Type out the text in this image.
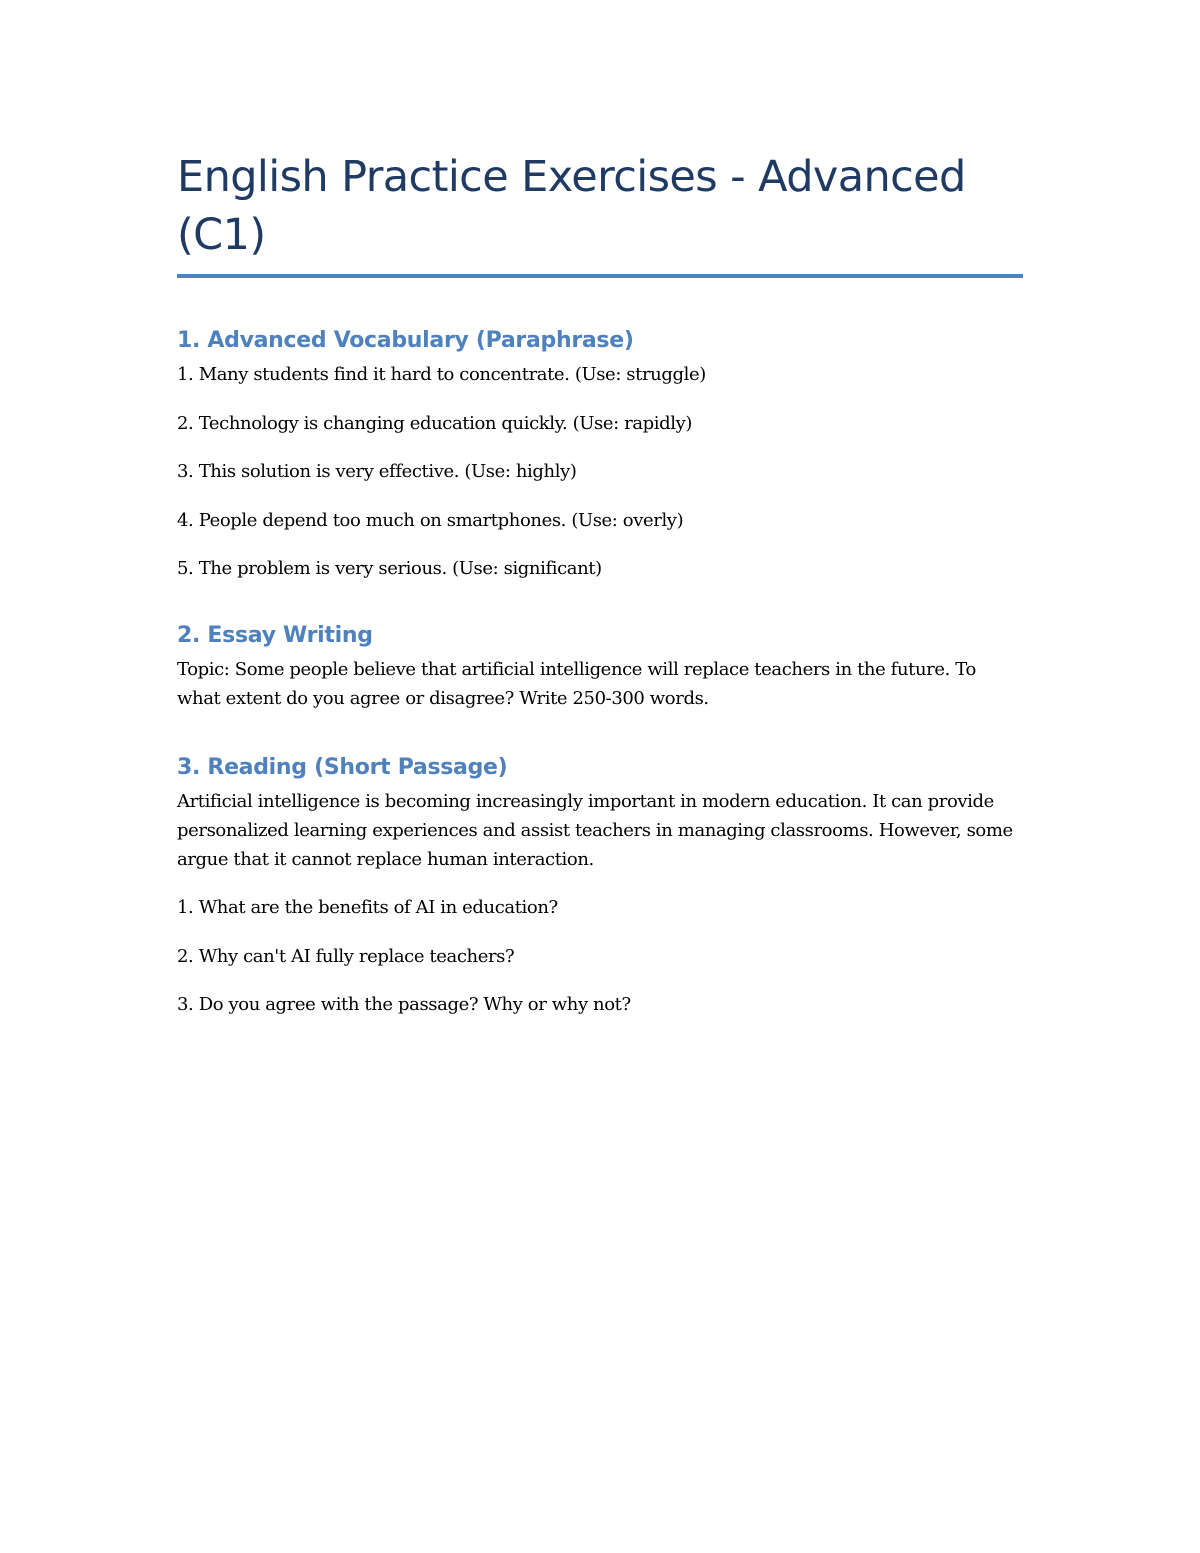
English Practice Exercises - Advanced (C1)
1. Advanced Vocabulary (Paraphrase)
1. Many students find it hard to concentrate. (Use: struggle)
2. Technology is changing education quickly. (Use: rapidly)
3. This solution is very effective. (Use: highly)
4. People depend too much on smartphones. (Use: overly)
5. The problem is very serious. (Use: significant)
2. Essay Writing

Topic: Some people believe that artificial intelligence will replace teachers in the future. To what extent do you agree or disagree? Write 250-300 words.

3. Reading (Short Passage)

Artificial intelligence is becoming increasingly important in modern education. It can provide personalized learning experiences and assist teachers in managing classrooms. However, some argue that it cannot replace human interaction.

1. What are the benefits of AI in education?
2. Why can't AI fully replace teachers?
3. Do you agree with the passage? Why or why not?
